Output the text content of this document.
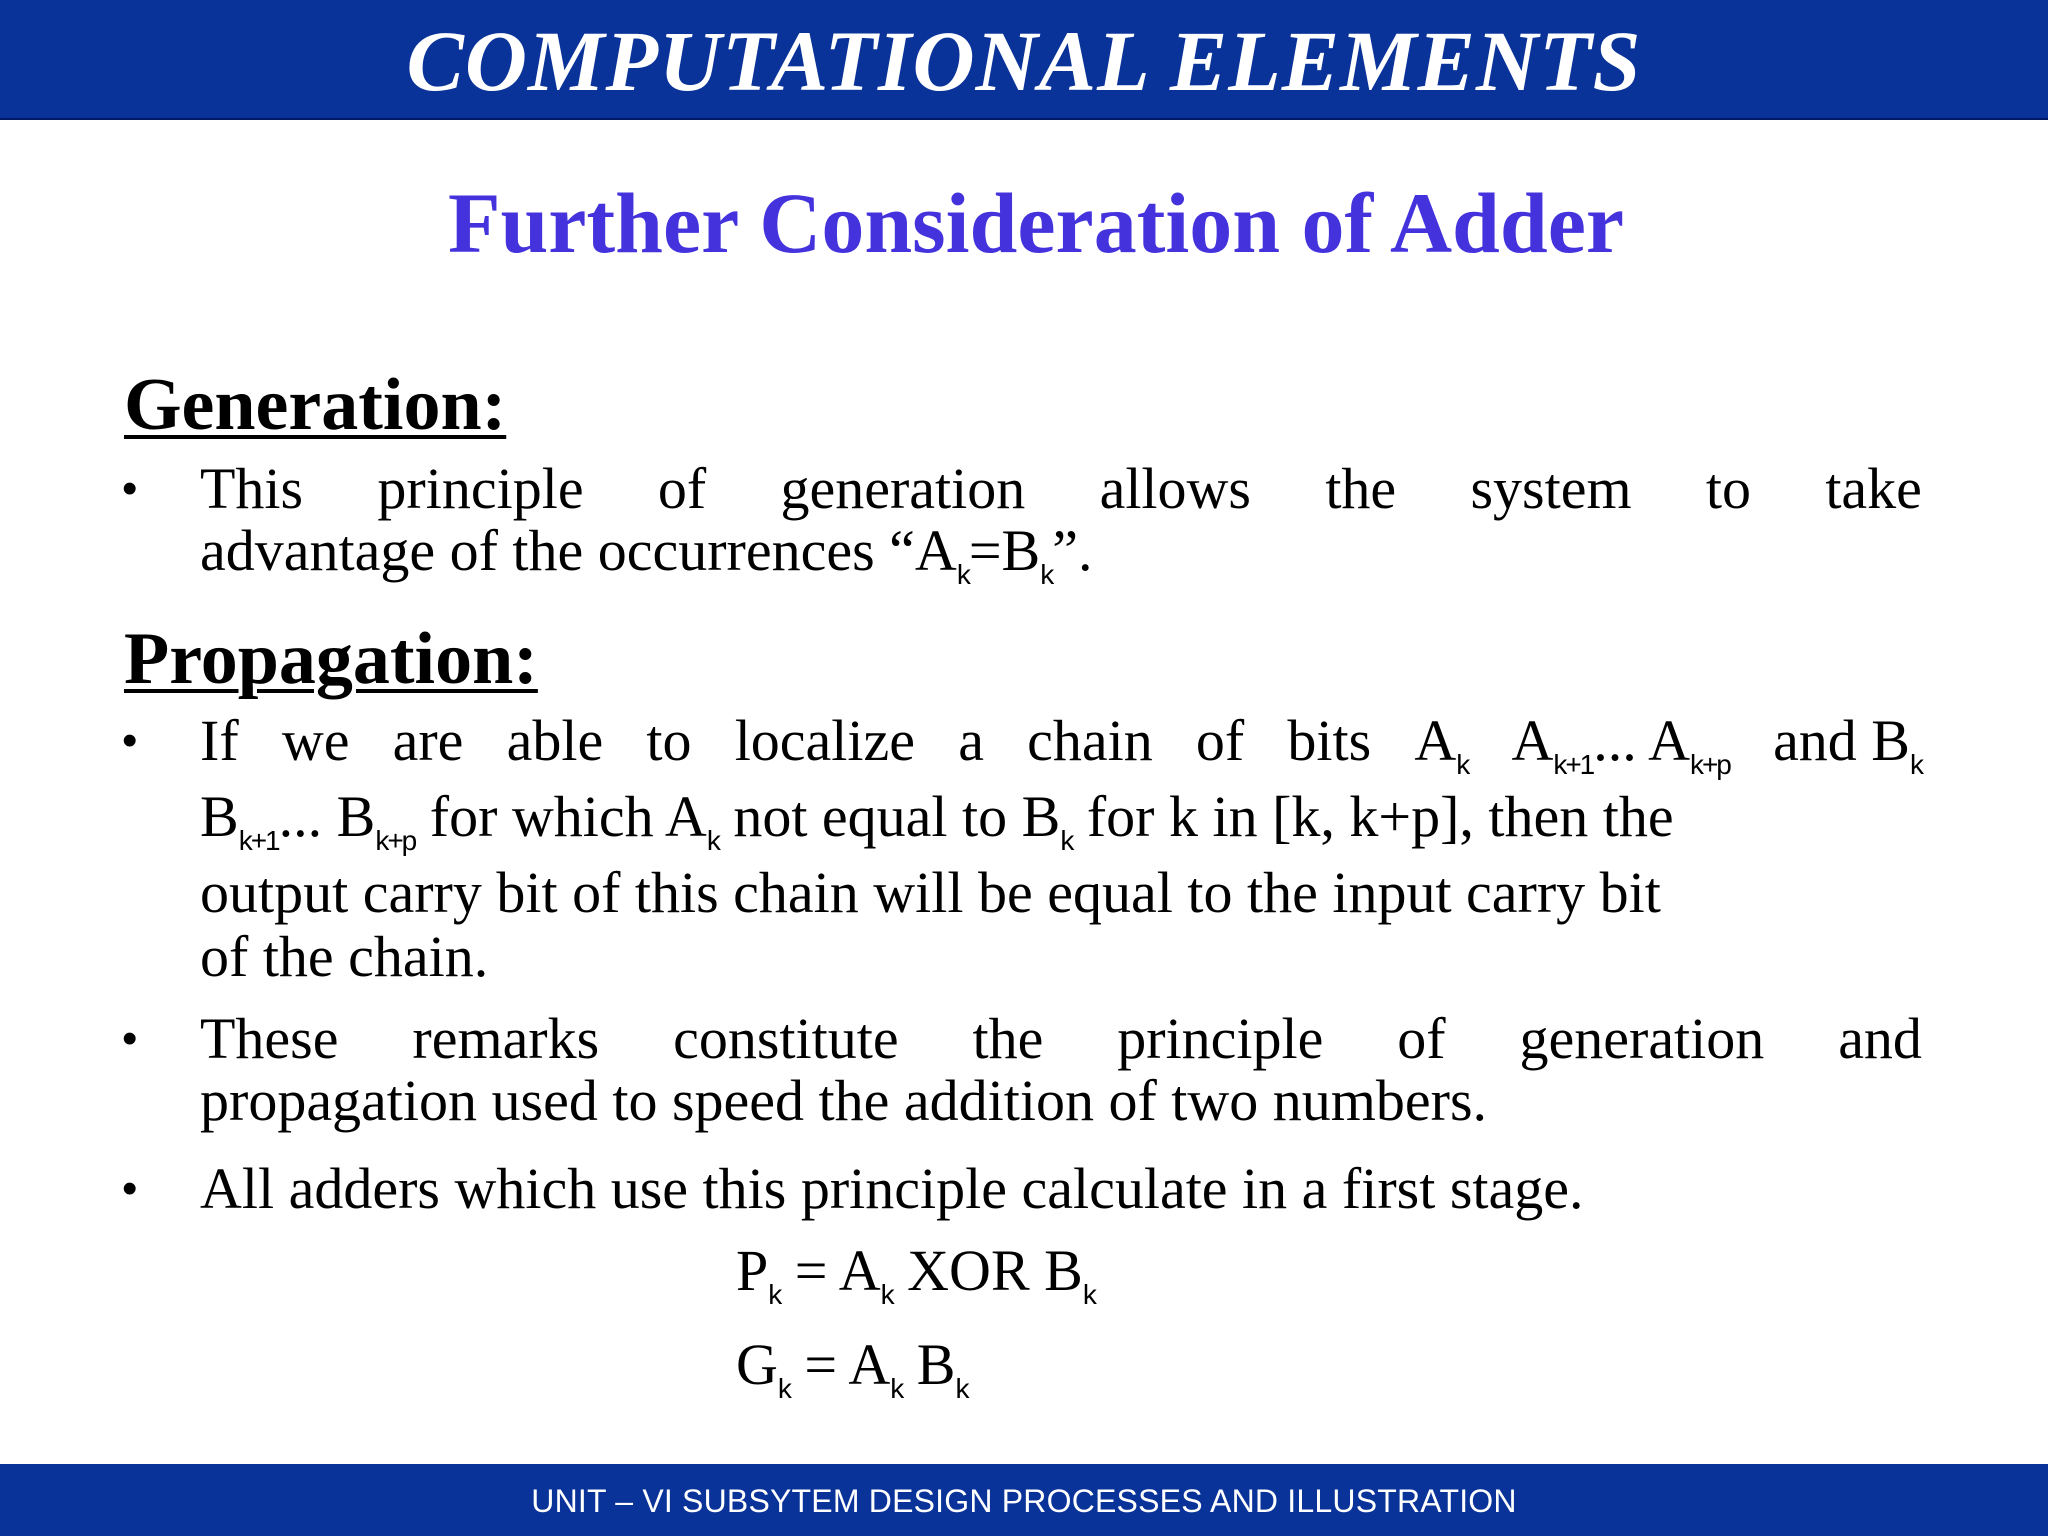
COMPUTATIONAL ELEMENTS
Further Consideration of Adder
Generation:
• This principle of generation allows the system to take
advantage of the occurrences “$A_k=B_k$”.
Propagation:
• If we are able to localize a chain of bits $A_k$ $A_{k+1}$... $A_{k+p}$ and $B_k$
$B_{k+1}$... $B_{k+p}$ for which $A_k$ not equal to $B_k$ for k in [k, k+p], then the
output carry bit of this chain will be equal to the input carry bit
of the chain.
• These remarks constitute the principle of generation and
propagation used to speed the addition of two numbers.
• All adders which use this principle calculate in a first stage.
$P_k = A_k$ XOR $B_k$
$G_k = A_k$ $B_k$
UNIT – VI SUBSYTEM DESIGN PROCESSES AND ILLUSTRATION
